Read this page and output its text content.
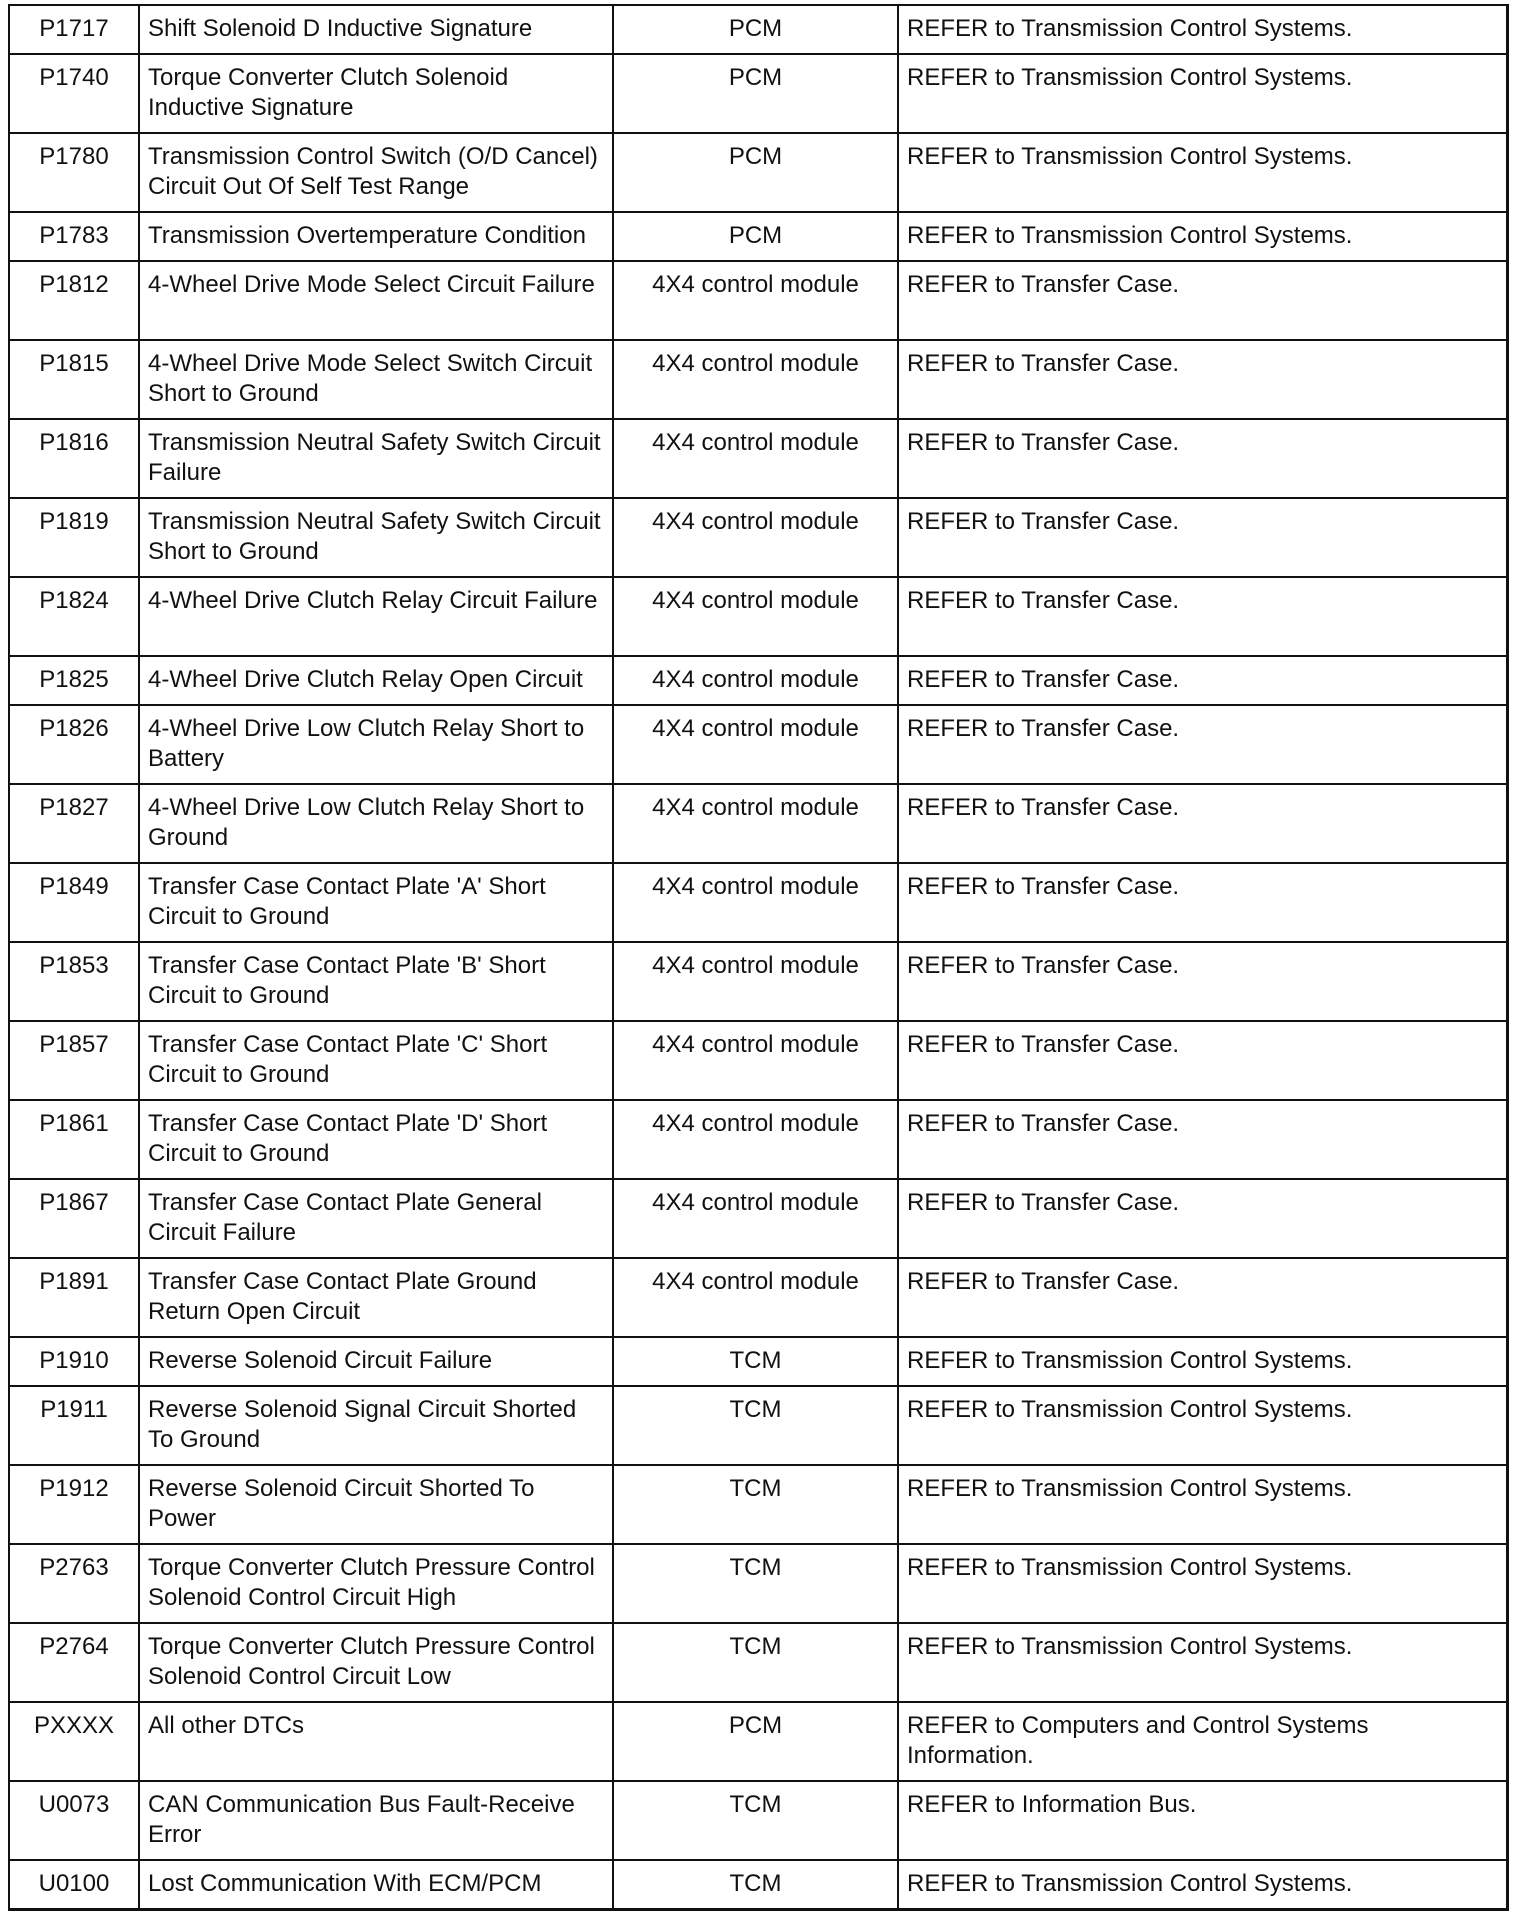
P1717	Shift Solenoid D Inductive Signature	PCM	REFER to Transmission Control Systems.
P1740	Torque Converter Clutch Solenoid Inductive Signature	PCM	REFER to Transmission Control Systems.
P1780	Transmission Control Switch (O/D Cancel) Circuit Out Of Self Test Range	PCM	REFER to Transmission Control Systems.
P1783	Transmission Overtemperature Condition	PCM	REFER to Transmission Control Systems.
P1812	4-Wheel Drive Mode Select Circuit Failure	4X4 control module	REFER to Transfer Case.
P1815	4-Wheel Drive Mode Select Switch Circuit Short to Ground	4X4 control module	REFER to Transfer Case.
P1816	Transmission Neutral Safety Switch Circuit Failure	4X4 control module	REFER to Transfer Case.
P1819	Transmission Neutral Safety Switch Circuit Short to Ground	4X4 control module	REFER to Transfer Case.
P1824	4-Wheel Drive Clutch Relay Circuit Failure	4X4 control module	REFER to Transfer Case.
P1825	4-Wheel Drive Clutch Relay Open Circuit	4X4 control module	REFER to Transfer Case.
P1826	4-Wheel Drive Low Clutch Relay Short to Battery	4X4 control module	REFER to Transfer Case.
P1827	4-Wheel Drive Low Clutch Relay Short to Ground	4X4 control module	REFER to Transfer Case.
P1849	Transfer Case Contact Plate 'A' Short Circuit to Ground	4X4 control module	REFER to Transfer Case.
P1853	Transfer Case Contact Plate 'B' Short Circuit to Ground	4X4 control module	REFER to Transfer Case.
P1857	Transfer Case Contact Plate 'C' Short Circuit to Ground	4X4 control module	REFER to Transfer Case.
P1861	Transfer Case Contact Plate 'D' Short Circuit to Ground	4X4 control module	REFER to Transfer Case.
P1867	Transfer Case Contact Plate General Circuit Failure	4X4 control module	REFER to Transfer Case.
P1891	Transfer Case Contact Plate Ground Return Open Circuit	4X4 control module	REFER to Transfer Case.
P1910	Reverse Solenoid Circuit Failure	TCM	REFER to Transmission Control Systems.
P1911	Reverse Solenoid Signal Circuit Shorted To Ground	TCM	REFER to Transmission Control Systems.
P1912	Reverse Solenoid Circuit Shorted To Power	TCM	REFER to Transmission Control Systems.
P2763	Torque Converter Clutch Pressure Control Solenoid Control Circuit High	TCM	REFER to Transmission Control Systems.
P2764	Torque Converter Clutch Pressure Control Solenoid Control Circuit Low	TCM	REFER to Transmission Control Systems.
PXXXX	All other DTCs	PCM	REFER to Computers and Control Systems Information.
U0073	CAN Communication Bus Fault-Receive Error	TCM	REFER to Information Bus.
U0100	Lost Communication With ECM/PCM	TCM	REFER to Transmission Control Systems.
